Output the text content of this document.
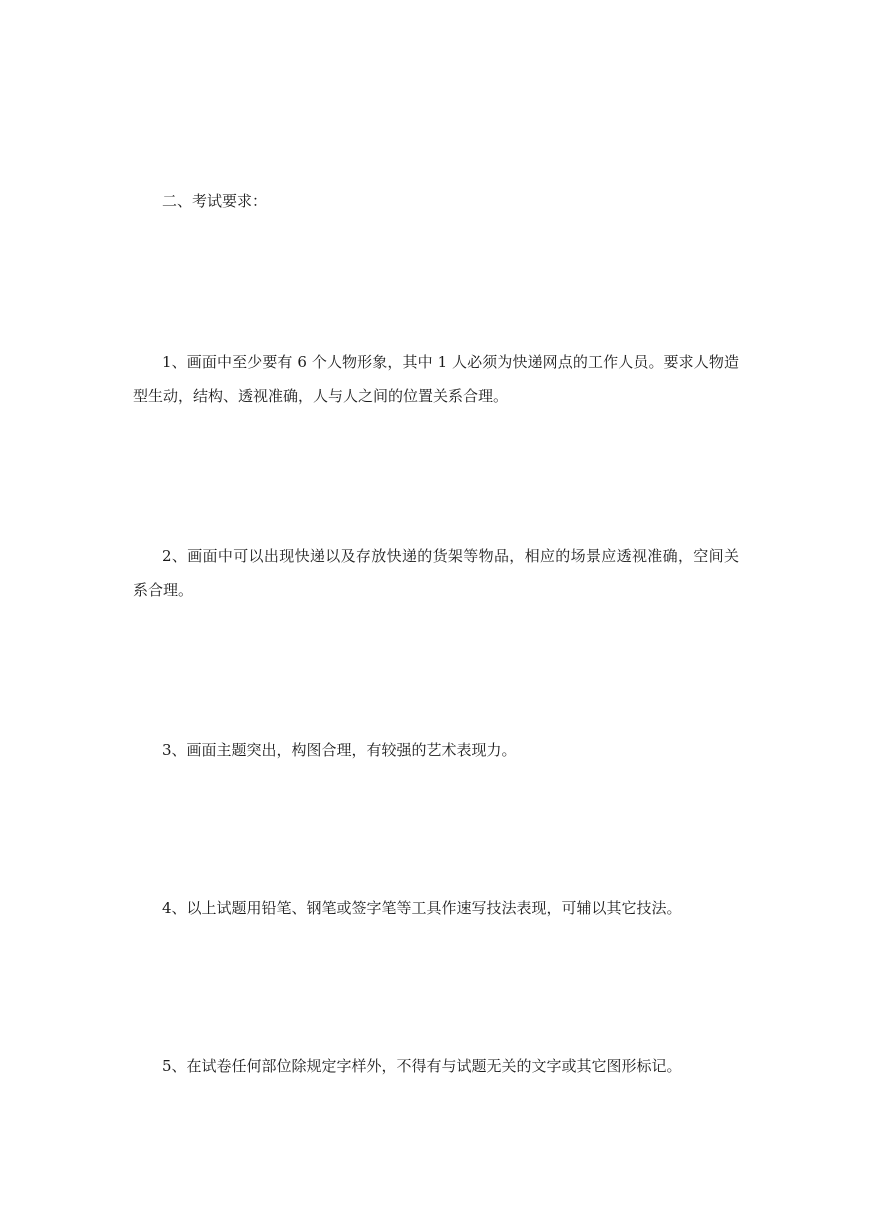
二、考试要求：

1、画面中至少要有 6 个人物形象，其中 1 人必须为快递网点的工作人员。要求人物造型生动，结构、透视准确，人与人之间的位置关系合理。

2、画面中可以出现快递以及存放快递的货架等物品，相应的场景应透视准确，空间关系合理。

3、画面主题突出，构图合理，有较强的艺术表现力。

4、以上试题用铅笔、钢笔或签字笔等工具作速写技法表现，可辅以其它技法。

5、在试卷任何部位除规定字样外，不得有与试题无关的文字或其它图形标记。
